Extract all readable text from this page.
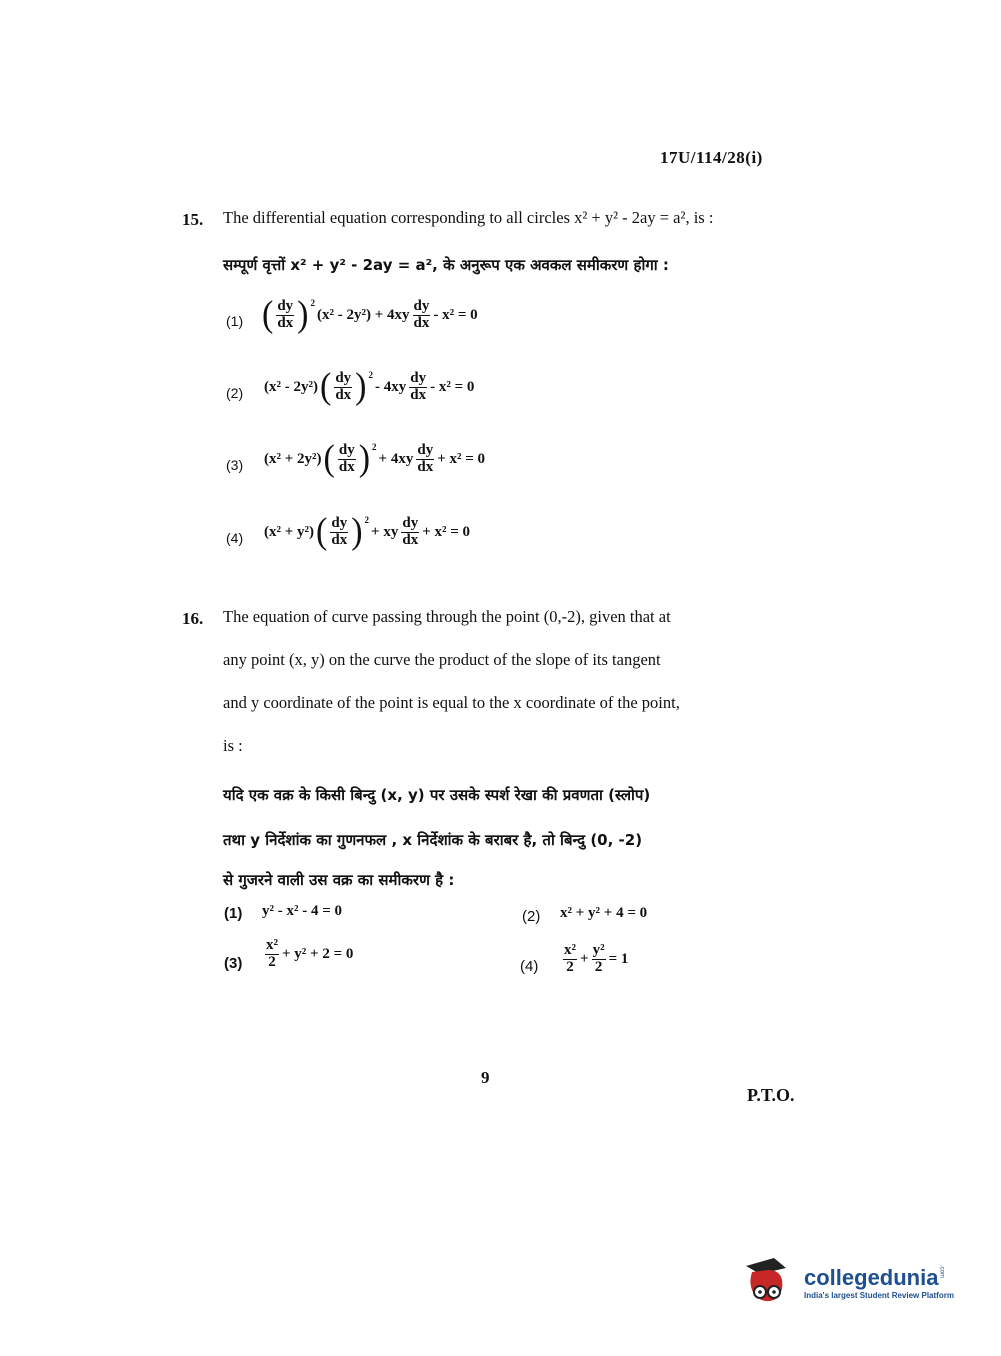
17U/114/28(i)
15. The differential equation corresponding to all circles x² + y² - 2ay = a², is :
सम्पूर्ण वृत्तों x² + y² - 2ay = a², के अनुरूप एक अवकल समीकरण होगा :
(1) ( $\frac{dy}{dx} )^2$
$(x^2 - 2y^2) + 4xy \frac{dy}{dx} - x^2 = 0$
(2) (x² - 2y²) ( $\frac{dy}{dx} )^2$
- $4xy \frac{dy}{dx} - x^2 = 0$
(3) (x² + 2y²) ( $\frac{dy}{dx} )^2$
+ $4xy \frac{dy}{dx} + x^2 = 0$
(4) (x² + y²) ( $\frac{dy}{dx} )^2$
+ xy $\frac{dy}{dx} + x^2 = 0$
16. The equation of curve passing through the point (0,-2), given that at
any point (x, y) on the curve the product of the slope of its tangent
and y coordinate of the point is equal to the x coordinate of the point,
is :
यदि एक वक्र के किसी बिन्दु (x, y) पर उसके स्पर्श रेखा की प्रवणता (स्लोप)
तथा y निर्देशांक का गुणनफल , x निर्देशांक के बराबर है, तो बिन्दु (0, -2)
से गुजरने वाली उस वक्र का समीकरण है :
(1) y² - x² - 4 = 0	(2) x² + y² + 4 = 0
$(3) \frac{\text{x²}}{2} + y^2 + 2 = 0$
$(4) \frac{\text{x²}}{2} + \frac{\text{y²}}{2} = 1$
9
P.T.O.
collegedunia .com
India's largest Student Review Platform
